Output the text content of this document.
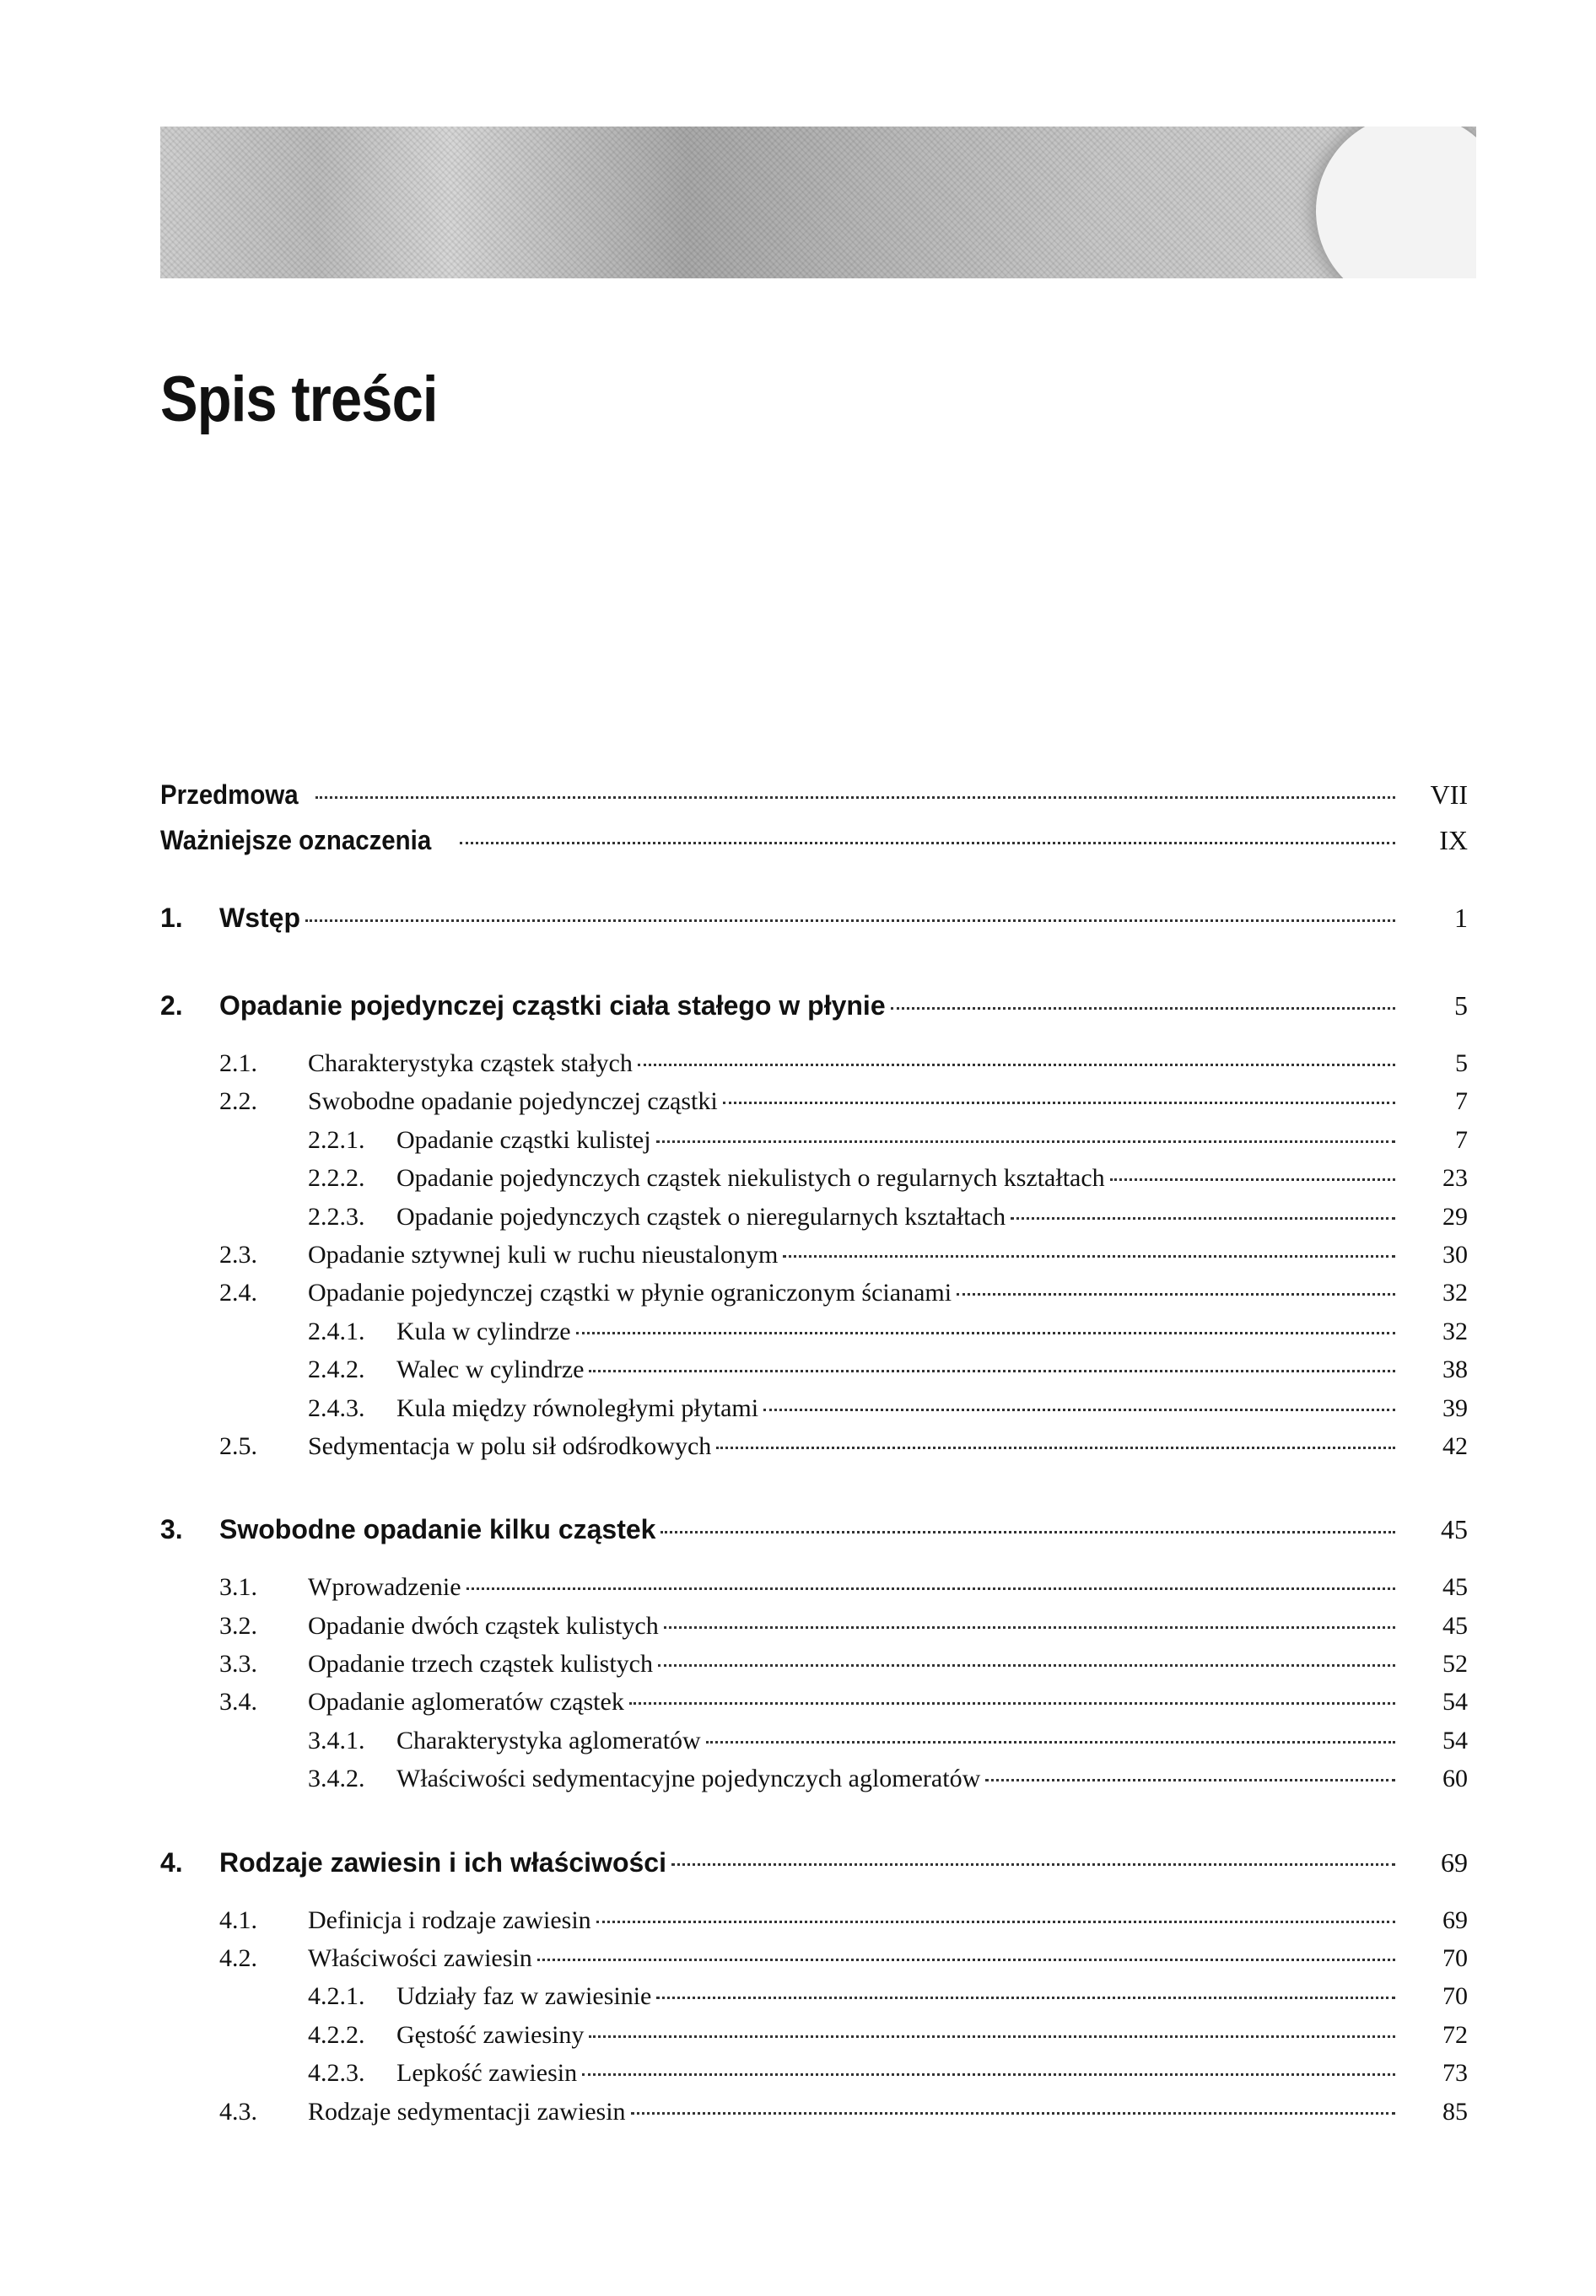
Spis treści
Przedmowa	VII
Ważniejsze oznaczenia	IX
1.	Wstęp	1
2.	Opadanie pojedynczej cząstki ciała stałego w płynie	5
2.1.	Charakterystyka cząstek stałych	5
2.2.	Swobodne opadanie pojedynczej cząstki	7
2.2.1.	Opadanie cząstki kulistej	7
2.2.2.	Opadanie pojedynczych cząstek niekulistych o regularnych kształtach	23
2.2.3.	Opadanie pojedynczych cząstek o nieregularnych kształtach	29
2.3.	Opadanie sztywnej kuli w ruchu nieustalonym	30
2.4.	Opadanie pojedynczej cząstki w płynie ograniczonym ścianami	32
2.4.1.	Kula w cylindrze	32
2.4.2.	Walec w cylindrze	38
2.4.3.	Kula między równoległymi płytami	39
2.5.	Sedymentacja w polu sił odśrodkowych	42
3.	Swobodne opadanie kilku cząstek	45
3.1.	Wprowadzenie	45
3.2.	Opadanie dwóch cząstek kulistych	45
3.3.	Opadanie trzech cząstek kulistych	52
3.4.	Opadanie aglomeratów cząstek	54
3.4.1.	Charakterystyka aglomeratów	54
3.4.2.	Właściwości sedymentacyjne pojedynczych aglomeratów	60
4.	Rodzaje zawiesin i ich właściwości	69
4.1.	Definicja i rodzaje zawiesin	69
4.2.	Właściwości zawiesin	70
4.2.1.	Udziały faz w zawiesinie	70
4.2.2.	Gęstość zawiesiny	72
4.2.3.	Lepkość zawiesin	73
4.3.	Rodzaje sedymentacji zawiesin	85
